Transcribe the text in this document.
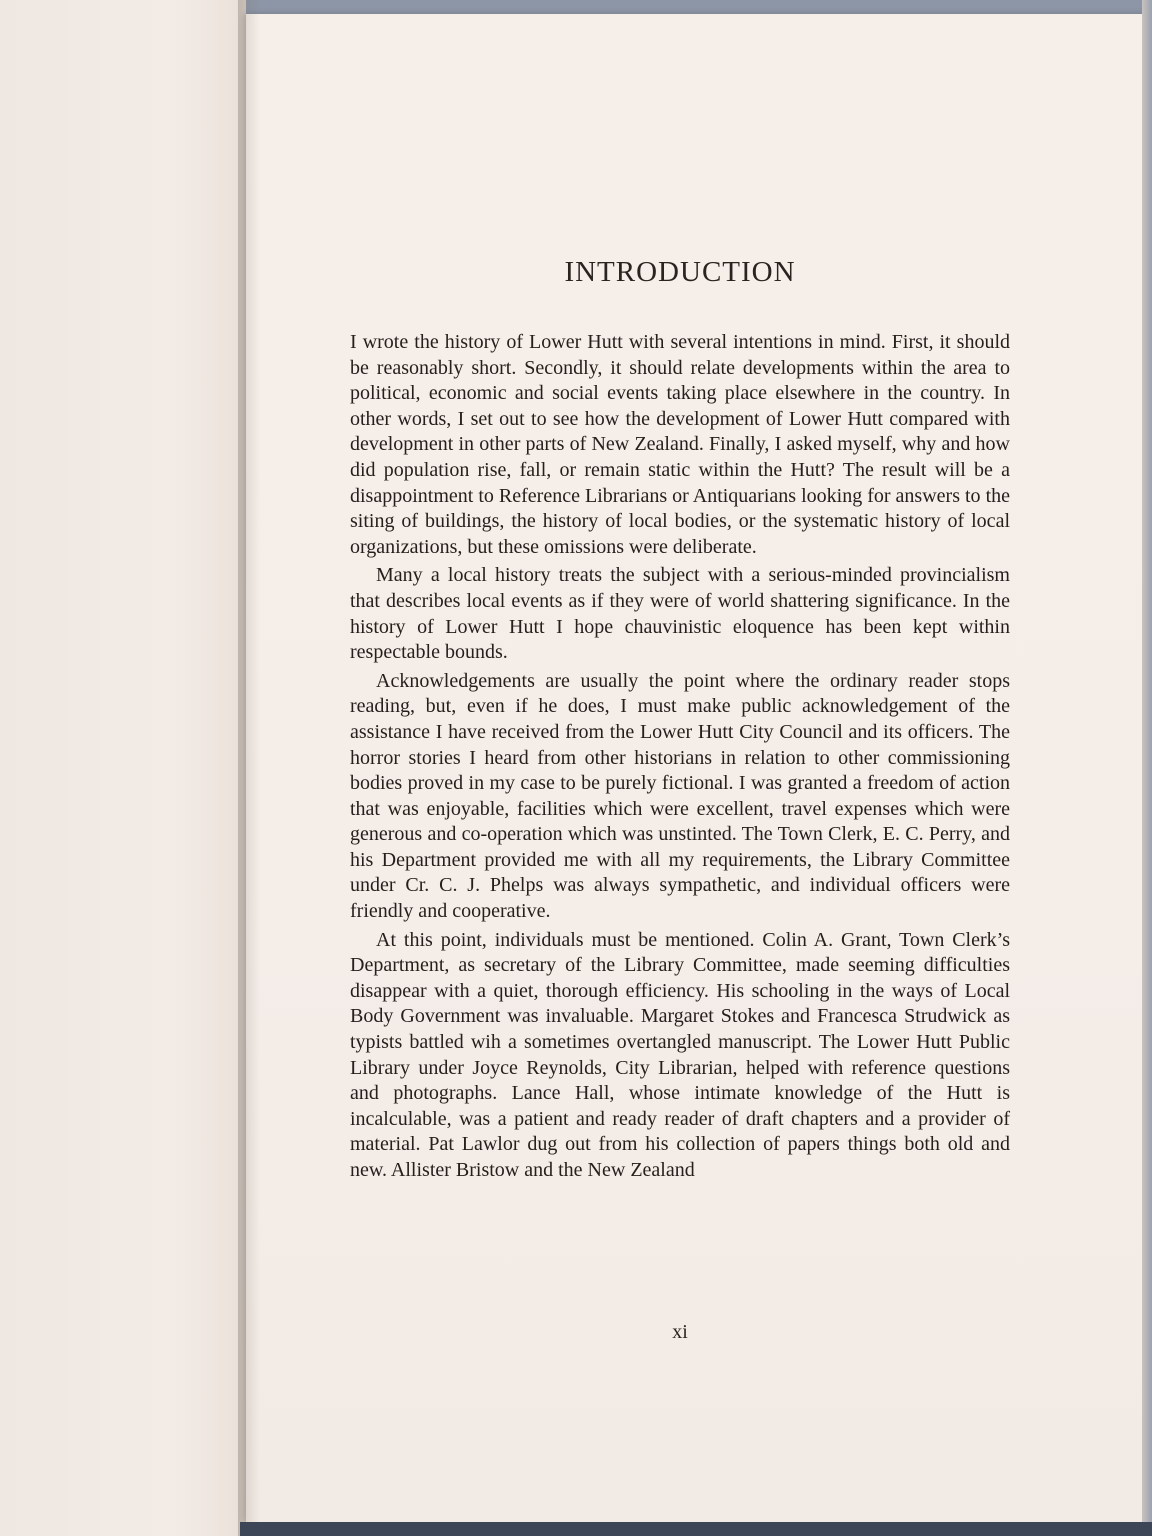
INTRODUCTION

I wrote the history of Lower Hutt with several intentions in mind. First, it should be reasonably short. Secondly, it should relate developments within the area to political, economic and social events taking place elsewhere in the country. In other words, I set out to see how the development of Lower Hutt compared with development in other parts of New Zealand. Finally, I asked myself, why and how did population rise, fall, or remain static within the Hutt? The result will be a disappointment to Reference Librarians or Antiquarians looking for answers to the siting of buildings, the history of local bodies, or the systematic history of local organizations, but these omissions were deliberate.

Many a local history treats the subject with a serious-minded provincialism that describes local events as if they were of world shattering significance. In the history of Lower Hutt I hope chauvinistic eloquence has been kept within respectable bounds.

Acknowledgements are usually the point where the ordinary reader stops reading, but, even if he does, I must make public acknowledgement of the assistance I have received from the Lower Hutt City Council and its officers. The horror stories I heard from other historians in relation to other commissioning bodies proved in my case to be purely fictional. I was granted a freedom of action that was enjoyable, facilities which were excellent, travel expenses which were generous and co-operation which was unstinted. The Town Clerk, E. C. Perry, and his Department provided me with all my requirements, the Library Committee under Cr. C. J. Phelps was always sympathetic, and individual officers were friendly and cooperative.

At this point, individuals must be mentioned. Colin A. Grant, Town Clerk’s Department, as secretary of the Library Committee, made seeming difficulties disappear with a quiet, thorough efficiency. His schooling in the ways of Local Body Government was invaluable. Margaret Stokes and Francesca Strudwick as typists battled wih a sometimes overtangled manuscript. The Lower Hutt Public Library under Joyce Reynolds, City Librarian, helped with reference questions and photographs. Lance Hall, whose intimate knowledge of the Hutt is incalculable, was a patient and ready reader of draft chapters and a provider of material. Pat Lawlor dug out from his collection of papers things both old and new. Allister Bristow and the New Zealand

xi
